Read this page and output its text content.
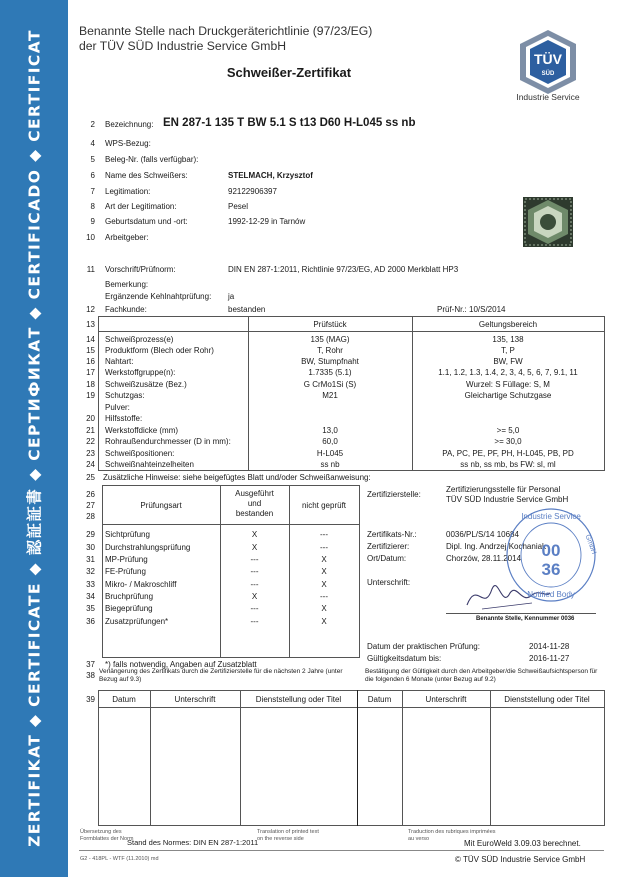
ZERTIFIKAT ◆ CERTIFICATE ◆ 認証証書 ◆ СЕРТИФИКАТ ◆ CERTIFICADO ◆ CERTIFICAT	Benannte Stelle nach Druckgeräterichtlinie (97/23/EG)
der TÜV SÜD Industrie Service GmbH
Schweißer-Zertifikat
TÜV
SÜD
Industrie Service
2 Bezeichnung: EN 287-1 135 T BW 5.1 S t13 D60 H-L045 ss nb
4 WPS-Bezug:
5 Beleg-Nr. (falls verfügbar):
6 Name des Schweißers:	STELMACH, Krzysztof
7 Legitimation:	92122906397
8 Art der Legitimation:	Pesel
9 Geburtsdatum und -ort:	1992-12-29 in Tarnów
10 Arbeitgeber:
11 Vorschrift/Prüfnorm:	DIN EN 287-1:2011, Richtlinie 97/23/EG, AD 2000 Merkblatt HP3
Bemerkung:
Ergänzende Kehlnahtprüfung: ja
12 Fachkunde:	bestanden	Prüf-Nr.: 10/S/2014
13	Prüfstück	Geltungsbereich
14 Schweißprozess(e)	135 (MAG)	135, 138
15 Produktform (Blech oder Rohr)	T, Rohr	T, P
16 Nahtart:	BW, Stumpfnaht	BW, FW
17 Werkstoffgruppe(n):	1.7335 (5.1)	1.1, 1.2, 1.3, 1.4, 2, 3, 4, 5, 6, 7, 9.1, 11
18 Schweißzusätze (Bez.)	G CrMo1Si (S)	Wurzel: S Füllage: S, M
19 Schutzgas:	M21	Gleichartige Schutzgase
Pulver:
20 Hilfsstoffe:
21 Werkstoffdicke (mm)	13,0	>= 5,0
22 Rohraußendurchmesser (D in mm):	60,0	>= 30,0
23 Schweißpositionen:	H-L045	PA, PC, PE, PF, PH, H-L045, PB, PD
24 Schweißnahteinzelheiten	ss nb	ss nb, ss mb, bs FW: sl, ml
25 Zusätzliche Hinweise: siehe beigefügtes Blatt und/oder Schweißanweisung:
26
27
28
Prüfungsart
Ausgeführt
und
bestanden
nicht geprüft
29 Sichtprüfung	X	---
30 Durchstrahlungsprüfung	X	---
31 MP-Prüfung	---	X
32 FE-Prüfung	---	X
33 Mikro- / Makroschliff	---	X
34 Bruchprüfung	X	---
35 Biegeprüfung	---	X
36 Zusatzprüfungen*	---	X
37 *) falls notwendig, Angaben auf Zusatzblatt
Zertifizierstelle:
Zertifizierungsstelle für Personal
TÜV SÜD Industrie Service GmbH
Zertifikats-Nr.:	0036/PL/S/14 10684
Zertifizierer:	Dipl. Ing. Andrzej Kochaniak
Ort/Datum:	Chorzów, 28.11.2014
Unterschrift:
Industrie Service
00
36
Notified Body
GmbH
Benannte Stelle, Kennummer 0036
Datum der praktischen Prüfung:	2014-11-28
Gültigkeitsdatum bis:	2016-11-27
38 Verlängerung des Zertifikats durch die Zertifizierstelle für die nächsten 2 Jahre (unter Bezug auf 9.3)
Bestätigung der Gültigkeit durch den Arbeitgeber/die Schweißaufsichtsperson für die folgenden 6 Monate (unter Bezug auf 9.2)
39	Datum	Unterschrift	Dienststellung oder Titel	Datum	Unterschrift	Dienststellung oder Titel
Übersetzung des
Formblattes der Norm
Stand des Normes: DIN EN 287-1:2011
Translation of printed text
on the reverse side
Traduction des rubriques imprimées
au verso	Mit EuroWeld 3.09.03 berechnet.
G2 - 418PL - WTF (11.2010) md	© TÜV SÜD Industrie Service GmbH
